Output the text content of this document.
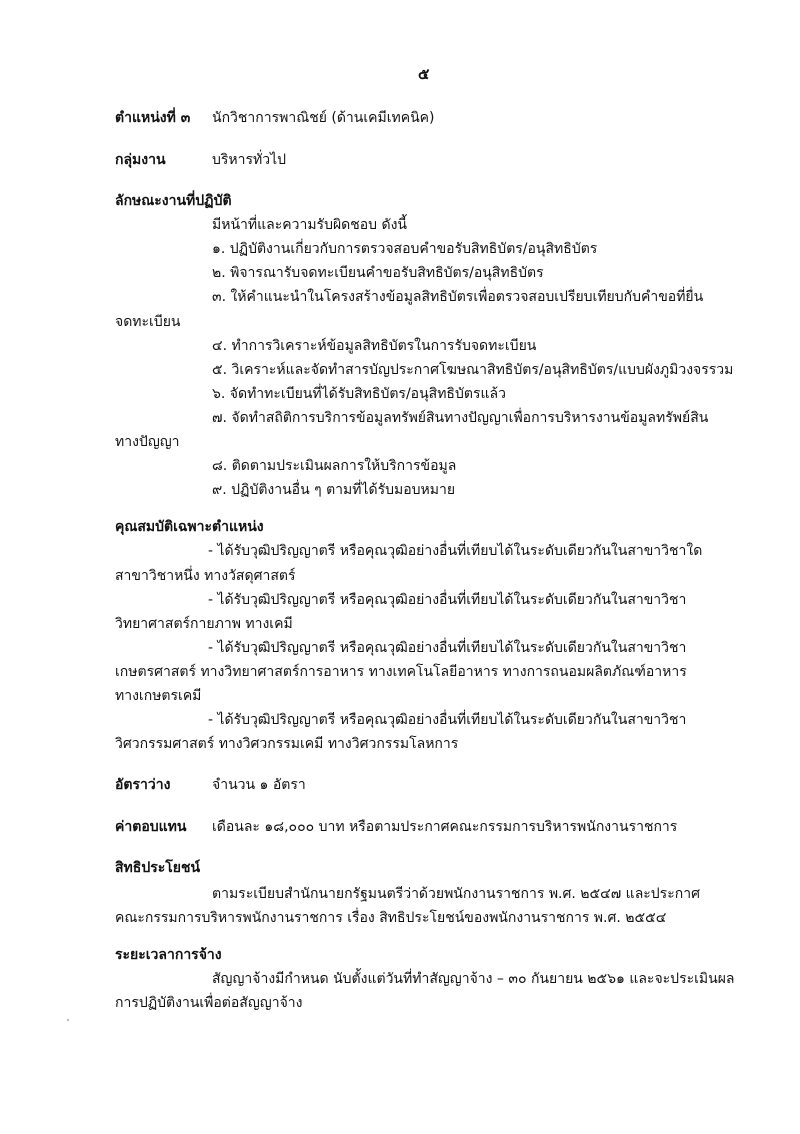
๕
ตำแหน่งที่ ๓ นักวิชาการพาณิชย์ (ด้านเคมีเทคนิค)
กลุ่มงาน	บริหารทั่วไป
ลักษณะงานที่ปฏิบัติ
มีหน้าที่และความรับผิดชอบ ดังนี้
๑. ปฏิบัติงานเกี่ยวกับการตรวจสอบคำขอรับสิทธิบัตร/อนุสิทธิบัตร
๒. พิจารณารับจดทะเบียนคำขอรับสิทธิบัตร/อนุสิทธิบัตร
๓. ให้คำแนะนำในโครงสร้างข้อมูลสิทธิบัตรเพื่อตรวจสอบเปรียบเทียบกับคำขอที่ยื่น
จดทะเบียน
๔. ทำการวิเคราะห์ข้อมูลสิทธิบัตรในการรับจดทะเบียน
๕. วิเคราะห์และจัดทำสารบัญประกาศโฆษณาสิทธิบัตร/อนุสิทธิบัตร/แบบผังภูมิวงจรรวม
๖. จัดทำทะเบียนที่ได้รับสิทธิบัตร/อนุสิทธิบัตรแล้ว
๗. จัดทำสถิติการบริการข้อมูลทรัพย์สินทางปัญญาเพื่อการบริหารงานข้อมูลทรัพย์สิน
ทางปัญญา
๘. ติดตามประเมินผลการให้บริการข้อมูล
๙. ปฏิบัติงานอื่น ๆ ตามที่ได้รับมอบหมาย
คุณสมบัติเฉพาะตำแหน่ง
- ได้รับวุฒิปริญญาตรี หรือคุณวุฒิอย่างอื่นที่เทียบได้ในระดับเดียวกันในสาขาวิชาใด
สาขาวิชาหนึ่ง ทางวัสดุศาสตร์
- ได้รับวุฒิปริญญาตรี หรือคุณวุฒิอย่างอื่นที่เทียบได้ในระดับเดียวกันในสาขาวิชา
วิทยาศาสตร์กายภาพ ทางเคมี
- ได้รับวุฒิปริญญาตรี หรือคุณวุฒิอย่างอื่นที่เทียบได้ในระดับเดียวกันในสาขาวิชา
เกษตรศาสตร์ ทางวิทยาศาสตร์การอาหาร ทางเทคโนโลยีอาหาร ทางการถนอมผลิตภัณฑ์อาหาร
ทางเกษตรเคมี
- ได้รับวุฒิปริญญาตรี หรือคุณวุฒิอย่างอื่นที่เทียบได้ในระดับเดียวกันในสาขาวิชา
วิศวกรรมศาสตร์ ทางวิศวกรรมเคมี ทางวิศวกรรมโลหการ
อัตราว่าง	จำนวน ๑ อัตรา
ค่าตอบแทน เดือนละ ๑๘,๐๐๐ บาท หรือตามประกาศคณะกรรมการบริหารพนักงานราชการ
สิทธิประโยชน์
ตามระเบียบสำนักนายกรัฐมนตรีว่าด้วยพนักงานราชการ พ.ศ. ๒๕๔๗ และประกาศ
คณะกรรมการบริหารพนักงานราชการ เรื่อง สิทธิประโยชน์ของพนักงานราชการ พ.ศ. ๒๕๕๔
ระยะเวลาการจ้าง
สัญญาจ้างมีกำหนด นับตั้งแต่วันที่ทำสัญญาจ้าง – ๓๐ กันยายน ๒๕๖๑ และจะประเมินผล
การปฏิบัติงานเพื่อต่อสัญญาจ้าง
